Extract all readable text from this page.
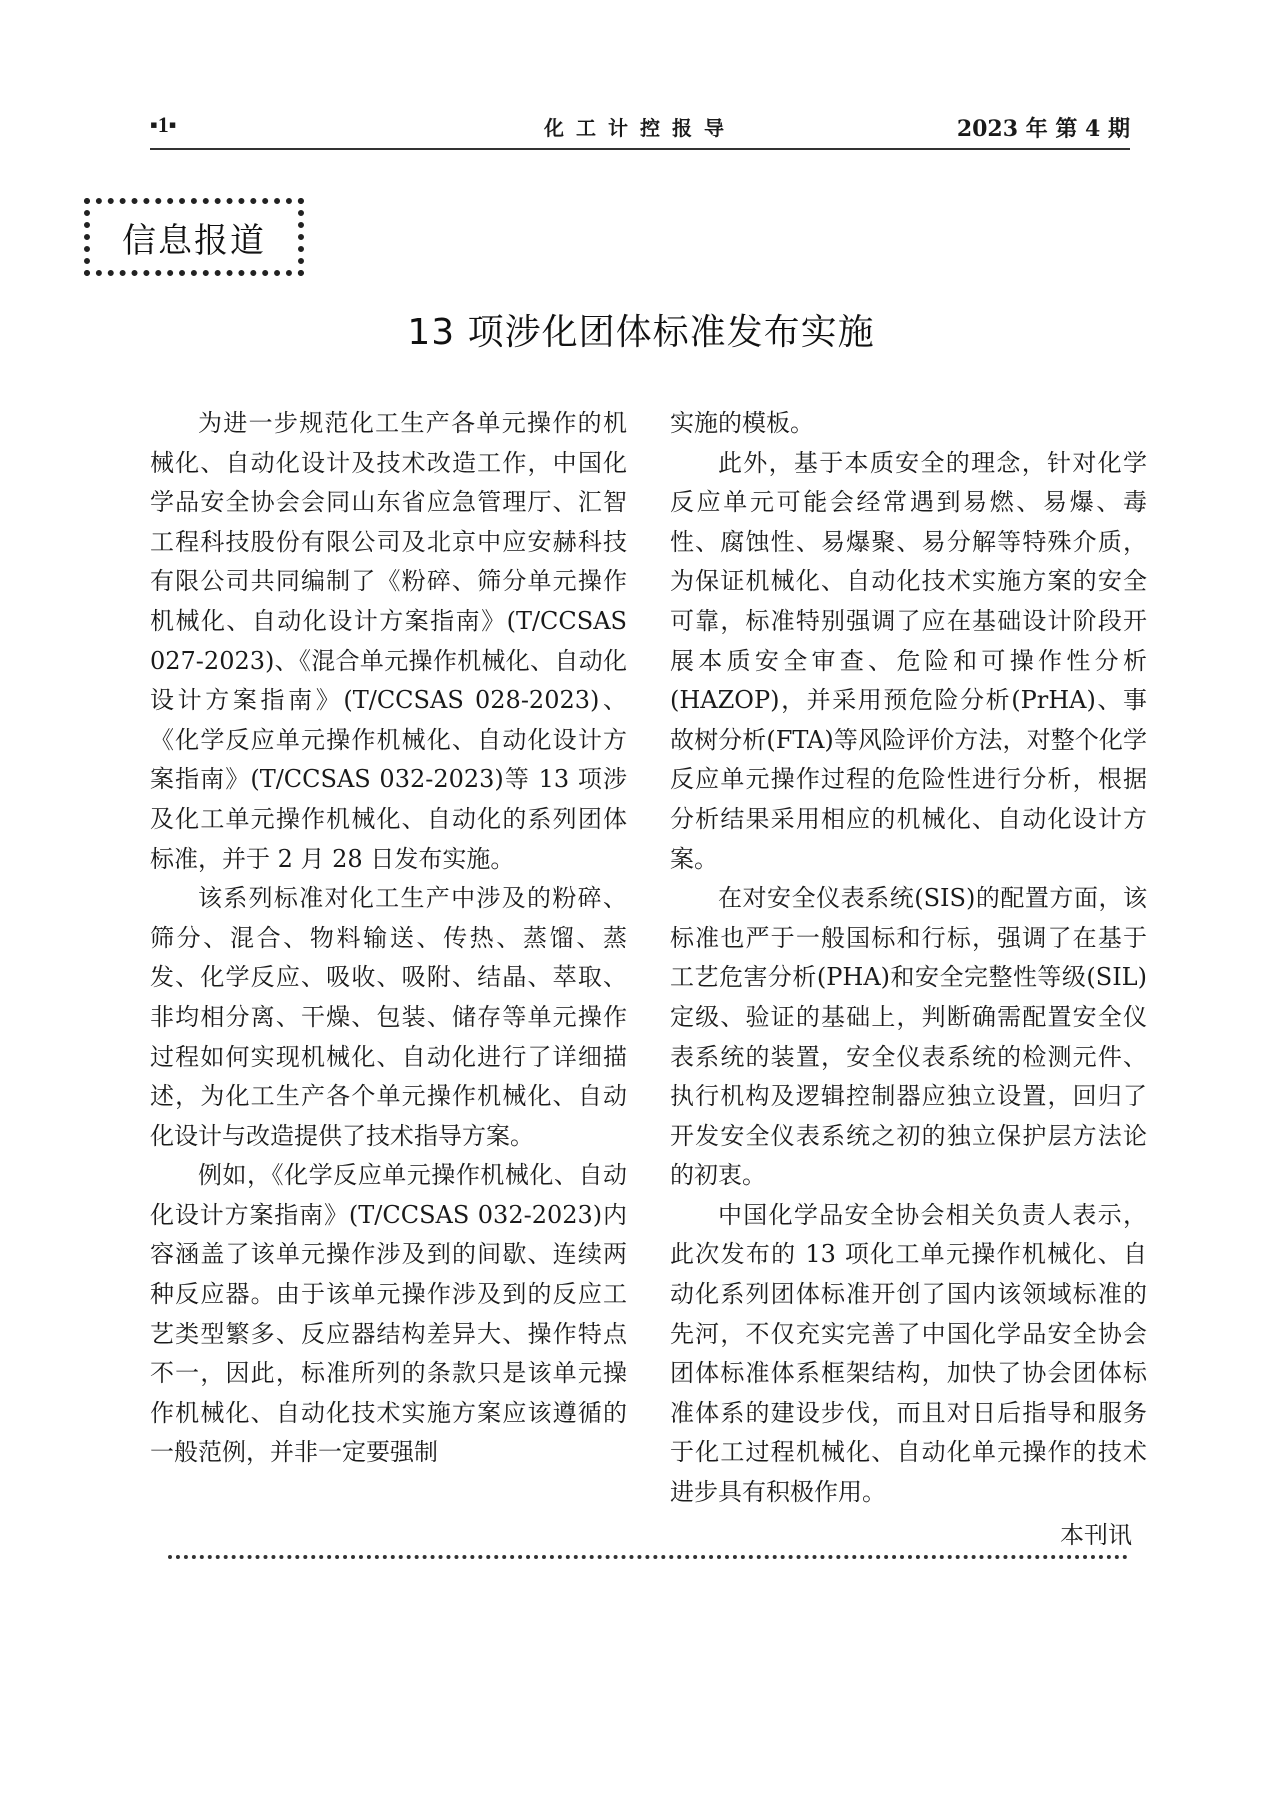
▪1▪	化工计控报导	2023 年 第 4 期
信息报道
13 项涉化团体标准发布实施

为进一步规范化工生产各单元操作的机械化、自动化设计及技术改造工作，中国化学品安全协会会同山东省应急管理厅、汇智工程科技股份有限公司及北京中应安赫科技有限公司共同编制了《粉碎、筛分单元操作机械化、自动化设计方案指南》(T/CCSAS 027-2023)、《混合单元操作机械化、自动化设计方案指南》(T/CCSAS 028-2023)、《化学反应单元操作机械化、自动化设计方案指南》(T/CCSAS 032-2023)等 13 项涉及化工单元操作机械化、自动化的系列团体标准，并于 2 月 28 日发布实施。

该系列标准对化工生产中涉及的粉碎、筛分、混合、物料输送、传热、蒸馏、蒸发、化学反应、吸收、吸附、结晶、萃取、非均相分离、干燥、包装、储存等单元操作过程如何实现机械化、自动化进行了详细描述，为化工生产各个单元操作机械化、自动化设计与改造提供了技术指导方案。

例如，《化学反应单元操作机械化、自动化设计方案指南》(T/CCSAS 032-2023)内容涵盖了该单元操作涉及到的间歇、连续两种反应器。由于该单元操作涉及到的反应工艺类型繁多、反应器结构差异大、操作特点不一，因此，标准所列的条款只是该单元操作机械化、自动化技术实施方案应该遵循的一般范例，并非一定要强制

实施的模板。

此外，基于本质安全的理念，针对化学反应单元可能会经常遇到易燃、易爆、毒性、腐蚀性、易爆聚、易分解等特殊介质，为保证机械化、自动化技术实施方案的安全可靠，标准特别强调了应在基础设计阶段开展本质安全审查、危险和可操作性分析(HAZOP)，并采用预危险分析(PrHA)、事故树分析(FTA)等风险评价方法，对整个化学反应单元操作过程的危险性进行分析，根据分析结果采用相应的机械化、自动化设计方案。

在对安全仪表系统(SIS)的配置方面，该标准也严于一般国标和行标，强调了在基于工艺危害分析(PHA)和安全完整性等级(SIL)定级、验证的基础上，判断确需配置安全仪表系统的装置，安全仪表系统的检测元件、执行机构及逻辑控制器应独立设置，回归了开发安全仪表系统之初的独立保护层方法论的初衷。

中国化学品安全协会相关负责人表示，此次发布的 13 项化工单元操作机械化、自动化系列团体标准开创了国内该领域标准的先河，不仅充实完善了中国化学品安全协会团体标准体系框架结构，加快了协会团体标准体系的建设步伐，而且对日后指导和服务于化工过程机械化、自动化单元操作的技术进步具有积极作用。

本刊讯
